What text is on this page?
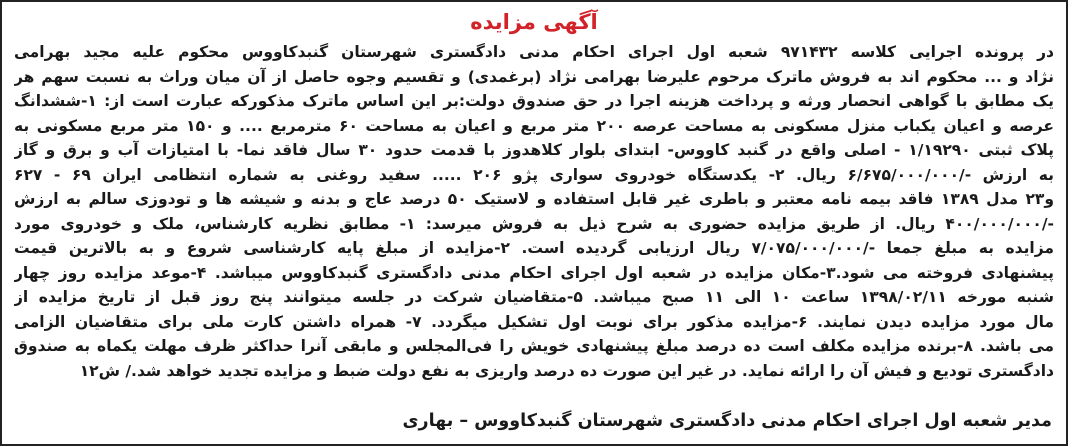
آگهی مزایده
در پرونده اجرایی کلاسه ۹۷۱۴۳۲ شعبه اول اجرای احکام مدنی دادگستری شهرستان گنبدکاووس محکوم علیه مجید بهرامی
نژاد و ... محکوم اند به فروش ماترک مرحوم علیرضا بهرامی نژاد (برغمدی) و تقسیم وجوه حاصل از آن میان وراث به نسبت سهم هر
یک مطابق با گواهی انحصار ورثه و پرداخت هزینه اجرا در حق صندوق دولت:بر این اساس ماترک مذکورکه عبارت است از: ۱-ششدانگ
عرصه و اعیان یکباب منزل مسکونی به مساحت عرصه ۲۰۰ متر مربع و اعیان به مساحت ۶۰ مترمربع .... و ۱۵۰ متر مربع مسکونی به
پلاک ثبتی ۱/۱۹۲۹۰ - اصلی واقع در گنبد کاووس- ابتدای بلوار کلاهدوز با قدمت حدود ۳۰ سال فاقد نما- با امتیازات آب و برق و گاز
به ارزش -/۶/۶۷۵/۰۰۰/۰۰۰ ریال. ۲- یکدستگاه خودروی سواری پژو ۲۰۶ ..... سفید روغنی به شماره انتظامی ایران ۶۹ - ۶۲۷
و۲۳ مدل ۱۳۸۹ فاقد بیمه نامه معتبر و باطری غیر قابل استفاده و لاستیک ۵۰ درصد عاج و بدنه و شیشه ها و تودوزی سالم به ارزش
-/۴۰۰/۰۰۰/۰۰۰ ریال. از طریق مزایده حضوری به شرح ذیل به فروش میرسد: ۱- مطابق نظریه کارشناس، ملک و خودروی مورد
مزایده به مبلغ جمعا -/۷/۰۷۵/۰۰۰/۰۰۰ ریال ارزیابی گردیده است. ۲-مزایده از مبلغ پایه کارشناسی شروع و به بالاترین قیمت
پیشنهادی فروخته می شود.۳-مکان مزایده در شعبه اول اجرای احکام مدنی دادگستری گنبدکاووس میباشد. ۴-موعد مزایده روز چهار
شنبه مورخه ۱۳۹۸/۰۲/۱۱ ساعت ۱۰ الی ۱۱ صبح میباشد. ۵-متقاضیان شرکت در جلسه میتوانند پنج روز قبل از تاریخ مزایده از
مال مورد مزایده دیدن نمایند. ۶-مزایده مذکور برای نوبت اول تشکیل میگردد. ۷- همراه داشتن کارت ملی برای متقاضیان الزامی
می باشد. ۸-برنده مزایده مکلف است ده درصد مبلغ پیشنهادی خویش را فی‌المجلس و مابقی آنرا حداکثر ظرف مهلت یکماه به صندوق
دادگستری تودیع و فیش آن را ارائه نماید. در غیر این صورت ده درصد واریزی به نفع دولت ضبط و مزایده تجدید خواهد شد./ ش۱۲
مدیر شعبه اول اجرای احکام مدنی دادگستری شهرستان گنبدکاووس – بهاری
